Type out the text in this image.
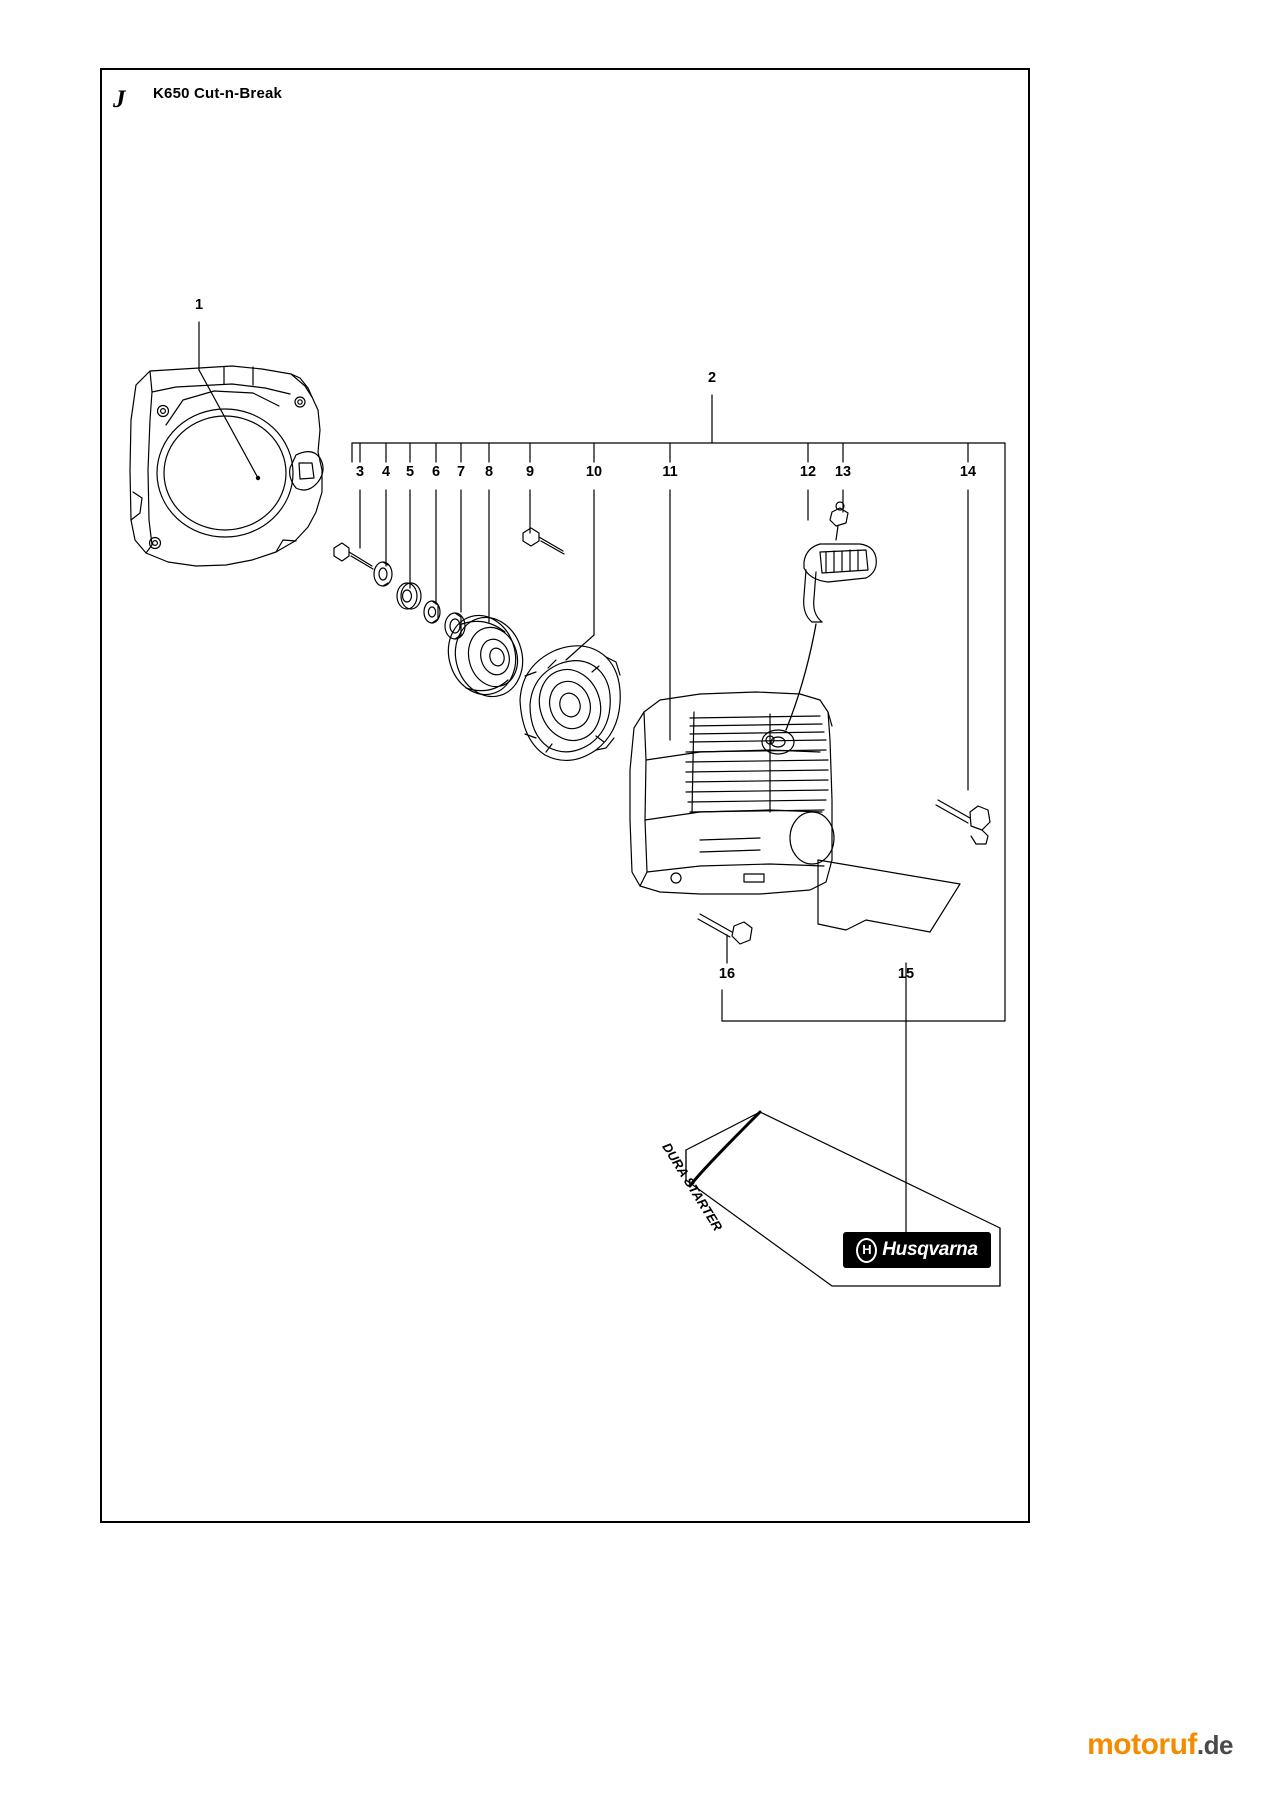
J K650 Cut-n-Break
DURA STARTER
H Husqvarna
1
2
3	4	5	6	7	8	9	10	11	12	13	14
15
16
motoruf.de
